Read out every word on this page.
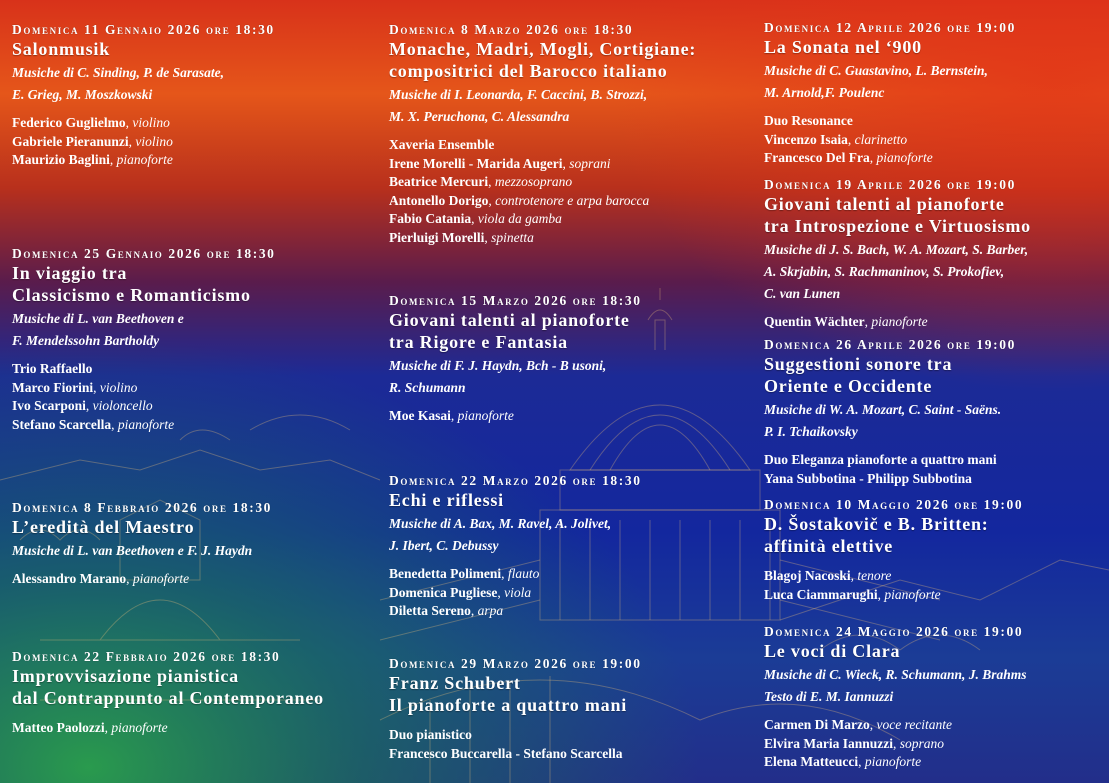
Domenica 11 Gennaio 2026 ore 18:30
Salonmusik
Musiche di C. Sinding, P. de Sarasate,
E. Grieg, M. Moszkowski
Federico Guglielmo, violino
Gabriele Pieranunzi, violino
Maurizio Baglini, pianoforte
Domenica 25 Gennaio 2026 ore 18:30
In viaggio tra
Classicismo e Romanticismo
Musiche di L. van Beethoven e
F. Mendelssohn Bartholdy
Trio Raffaello
Marco Fiorini, violino
Ivo Scarponi, violoncello
Stefano Scarcella, pianoforte
Domenica 8 Febbraio 2026 ore 18:30
L’eredità del Maestro
Musiche di L. van Beethoven e F. J. Haydn
Alessandro Marano, pianoforte
Domenica 22 Febbraio 2026 ore 18:30
Improvvisazione pianistica
dal Contrappunto al Contemporaneo
Matteo Paolozzi, pianoforte
Domenica 8 Marzo 2026 ore 18:30
Monache, Madri, Mogli, Cortigiane:
compositrici del Barocco italiano
Musiche di I. Leonarda, F. Caccini, B. Strozzi,
M. X. Peruchona, C. Alessandra
Xaveria Ensemble
Irene Morelli - Marida Augeri, soprani
Beatrice Mercuri, mezzosoprano
Antonello Dorigo, controtenore e arpa barocca
Fabio Catania, viola da gamba
Pierluigi Morelli, spinetta
Domenica 15 Marzo 2026 ore 18:30
Giovani talenti al pianoforte
tra Rigore e Fantasia
Musiche di F. J. Haydn, Bch - B usoni,
R. Schumann
Moe Kasai, pianoforte
Domenica 22 Marzo 2026 ore 18:30
Echi e riflessi
Musiche di A. Bax, M. Ravel, A. Jolivet,
J. Ibert, C. Debussy
Benedetta Polimeni, flauto
Domenica Pugliese, viola
Diletta Sereno, arpa
Domenica 29 Marzo 2026 ore 19:00
Franz Schubert
Il pianoforte a quattro mani
Duo pianistico
Francesco Buccarella - Stefano Scarcella
Domenica 12 Aprile 2026 ore 19:00
La Sonata nel ‘900
Musiche di C. Guastavino, L. Bernstein,
M. Arnold,F. Poulenc
Duo Resonance
Vincenzo Isaia, clarinetto
Francesco Del Fra, pianoforte
Domenica 19 Aprile 2026 ore 19:00
Giovani talenti al pianoforte
tra Introspezione e Virtuosismo
Musiche di J. S. Bach, W. A. Mozart, S. Barber,
A. Skrjabin, S. Rachmaninov, S. Prokofiev,
C. van Lunen
Quentin Wächter, pianoforte
Domenica 26 Aprile 2026 ore 19:00
Suggestioni sonore tra
Oriente e Occidente
Musiche di W. A. Mozart, C. Saint - Saëns.
P. I. Tchaikovsky
Duo Eleganza pianoforte a quattro mani
Yana Subbotina - Philipp Subbotina
Domenica 10 Maggio 2026 ore 19:00
D. Šostakovič e B. Britten:
affinità elettive
Blagoj Nacoski, tenore
Luca Ciammarughi, pianoforte
Domenica 24 Maggio 2026 ore 19:00
Le voci di Clara
Musiche di C. Wieck, R. Schumann, J. Brahms
Testo di E. M. Iannuzzi
Carmen Di Marzo, voce recitante
Elvira Maria Iannuzzi, soprano
Elena Matteucci, pianoforte
